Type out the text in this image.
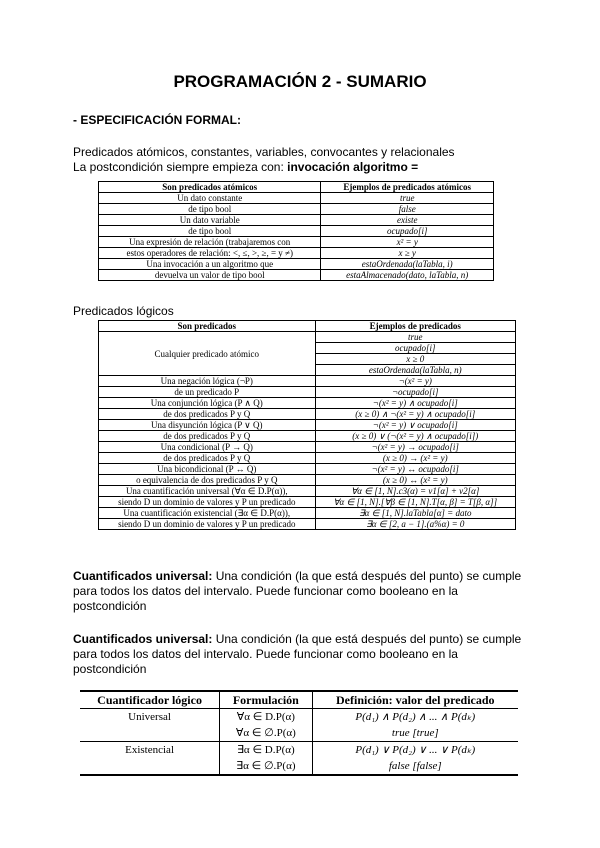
PROGRAMACIÓN 2 - SUMARIO
- ESPECIFICACIÓN FORMAL:
Predicados atómicos, constantes, variables, convocantes y relacionales
La postcondición siempre empieza con: invocación algoritmo =
Son predicados atómicos	Ejemplos de predicados atómicos
Un dato constante	true
de tipo bool	false
Un dato variable	existe
de tipo bool	ocupado[i]
Una expresión de relación (trabajaremos con	x² = y
estos operadores de relación: <, ≤, >, ≥, = y ≠)	x ≥ y
Una invocación a un algoritmo que	estaOrdenada(laTabla, i)
devuelva un valor de tipo bool	estaAlmacenado(dato, laTabla, n)
Predicados lógicos
Son predicados	Ejemplos de predicados
Cualquier predicado atómico	true
	ocupado[i]
	x ≥ 0
	estaOrdenada(laTabla, n)
Una negación lógica (¬P)	¬(x² = y)
de un predicado P	¬ocupado[i]
Una conjunción lógica (P ∧ Q)	¬(x² = y) ∧ ocupado[i]
de dos predicados P y Q	(x ≥ 0) ∧ ¬(x² = y) ∧ ocupado[i]
Una disyunción lógica (P ∨ Q)	¬(x² = y) ∨ ocupado[i]
de dos predicados P y Q	(x ≥ 0) ∨ (¬(x² = y) ∧ ocupado[i])
Una condicional (P → Q)	¬(x² = y) → ocupado[i]
de dos predicados P y Q	(x ≥ 0) → (x² = y)
Una bicondicional (P ↔ Q)	¬(x² = y) ↔ ocupado[i]
o equivalencia de dos predicados P y Q	(x ≥ 0) ↔ (x² = y)
Una cuantificación universal (∀α ∈ D.P(α)),	∀α ∈ [1, N].c3(α) = v1[α] + v2[α]
siendo D un dominio de valores y P un predicado	∀α ∈ [1, N].[∀β ∈ [1, N].T[α, β] = T[β, α]]
Una cuantificación existencial (∃α ∈ D.P(α)),	∃α ∈ [1, N].laTabla[α] = dato
siendo D un dominio de valores y P un predicado	∃α ∈ [2, a − 1].(a%α) = 0
Cuantificados universal: Una condición (la que está después del punto) se cumple para todos los datos del intervalo. Puede funcionar como booleano en la postcondición
Cuantificados universal: Una condición (la que está después del punto) se cumple para todos los datos del intervalo. Puede funcionar como booleano en la postcondición
Cuantificador lógico	Formulación	Definición: valor del predicado
Universal	∀α ∈ D.P(α)	P(d₁) ∧ P(d₂) ∧ ... ∧ P(dₖ)
	∀α ∈ ∅.P(α)	true [true]
Existencial	∃α ∈ D.P(α)	P(d₁) ∨ P(d₂) ∨ ... ∨ P(dₖ)
	∃α ∈ ∅.P(α)	false [false]
